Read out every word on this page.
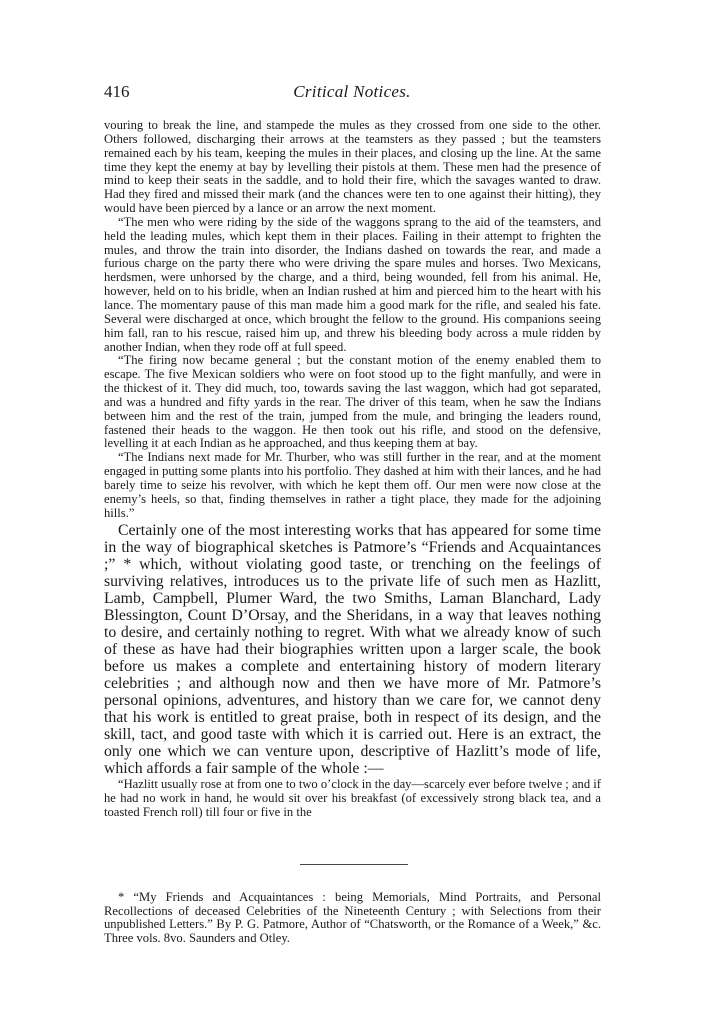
416	Critical Notices.

vouring to break the line, and stampede the mules as they crossed from one side to the other. Others followed, discharging their arrows at the teamsters as they passed ; but the teamsters remained each by his team, keeping the mules in their places, and closing up the line. At the same time they kept the enemy at bay by levelling their pistols at them. These men had the presence of mind to keep their seats in the saddle, and to hold their fire, which the savages wanted to draw. Had they fired and missed their mark (and the chances were ten to one against their hitting), they would have been pierced by a lance or an arrow the next moment.

“The men who were riding by the side of the waggons sprang to the aid of the teamsters, and held the leading mules, which kept them in their places. Failing in their attempt to frighten the mules, and throw the train into disorder, the Indians dashed on towards the rear, and made a furious charge on the party there who were driving the spare mules and horses. Two Mexicans, herdsmen, were unhorsed by the charge, and a third, being wounded, fell from his animal. He, however, held on to his bridle, when an Indian rushed at him and pierced him to the heart with his lance. The momentary pause of this man made him a good mark for the rifle, and sealed his fate. Several were discharged at once, which brought the fellow to the ground. His companions seeing him fall, ran to his rescue, raised him up, and threw his bleeding body across a mule ridden by another Indian, when they rode off at full speed.

“The firing now became general ; but the constant motion of the enemy enabled them to escape. The five Mexican soldiers who were on foot stood up to the fight manfully, and were in the thickest of it. They did much, too, towards saving the last waggon, which had got separated, and was a hundred and fifty yards in the rear. The driver of this team, when he saw the Indians between him and the rest of the train, jumped from the mule, and bringing the leaders round, fastened their heads to the waggon. He then took out his rifle, and stood on the defensive, levelling it at each Indian as he approached, and thus keeping them at bay.

“The Indians next made for Mr. Thurber, who was still further in the rear, and at the moment engaged in putting some plants into his portfolio. They dashed at him with their lances, and he had barely time to seize his revolver, with which he kept them off. Our men were now close at the enemy’s heels, so that, finding themselves in rather a tight place, they made for the adjoining hills.”

Certainly one of the most interesting works that has appeared for some time in the way of biographical sketches is Patmore’s “Friends and Acquaintances ;” * which, without violating good taste, or trenching on the feelings of surviving relatives, introduces us to the private life of such men as Hazlitt, Lamb, Campbell, Plumer Ward, the two Smiths, Laman Blanchard, Lady Blessington, Count D’Orsay, and the Sheridans, in a way that leaves nothing to desire, and certainly nothing to regret. With what we already know of such of these as have had their biographies written upon a larger scale, the book before us makes a complete and entertaining history of modern literary celebrities ; and although now and then we have more of Mr. Patmore’s personal opinions, adventures, and history than we care for, we cannot deny that his work is entitled to great praise, both in respect of its design, and the skill, tact, and good taste with which it is carried out. Here is an extract, the only one which we can venture upon, descriptive of Hazlitt’s mode of life, which affords a fair sample of the whole :—

“Hazlitt usually rose at from one to two o’clock in the day—scarcely ever before twelve ; and if he had no work in hand, he would sit over his breakfast (of excessively strong black tea, and a toasted French roll) till four or five in the

* “My Friends and Acquaintances : being Memorials, Mind Portraits, and Personal Recollections of deceased Celebrities of the Nineteenth Century ; with Selections from their unpublished Letters.” By P. G. Patmore, Author of “Chatsworth, or the Romance of a Week,” &c. Three vols. 8vo. Saunders and Otley.
